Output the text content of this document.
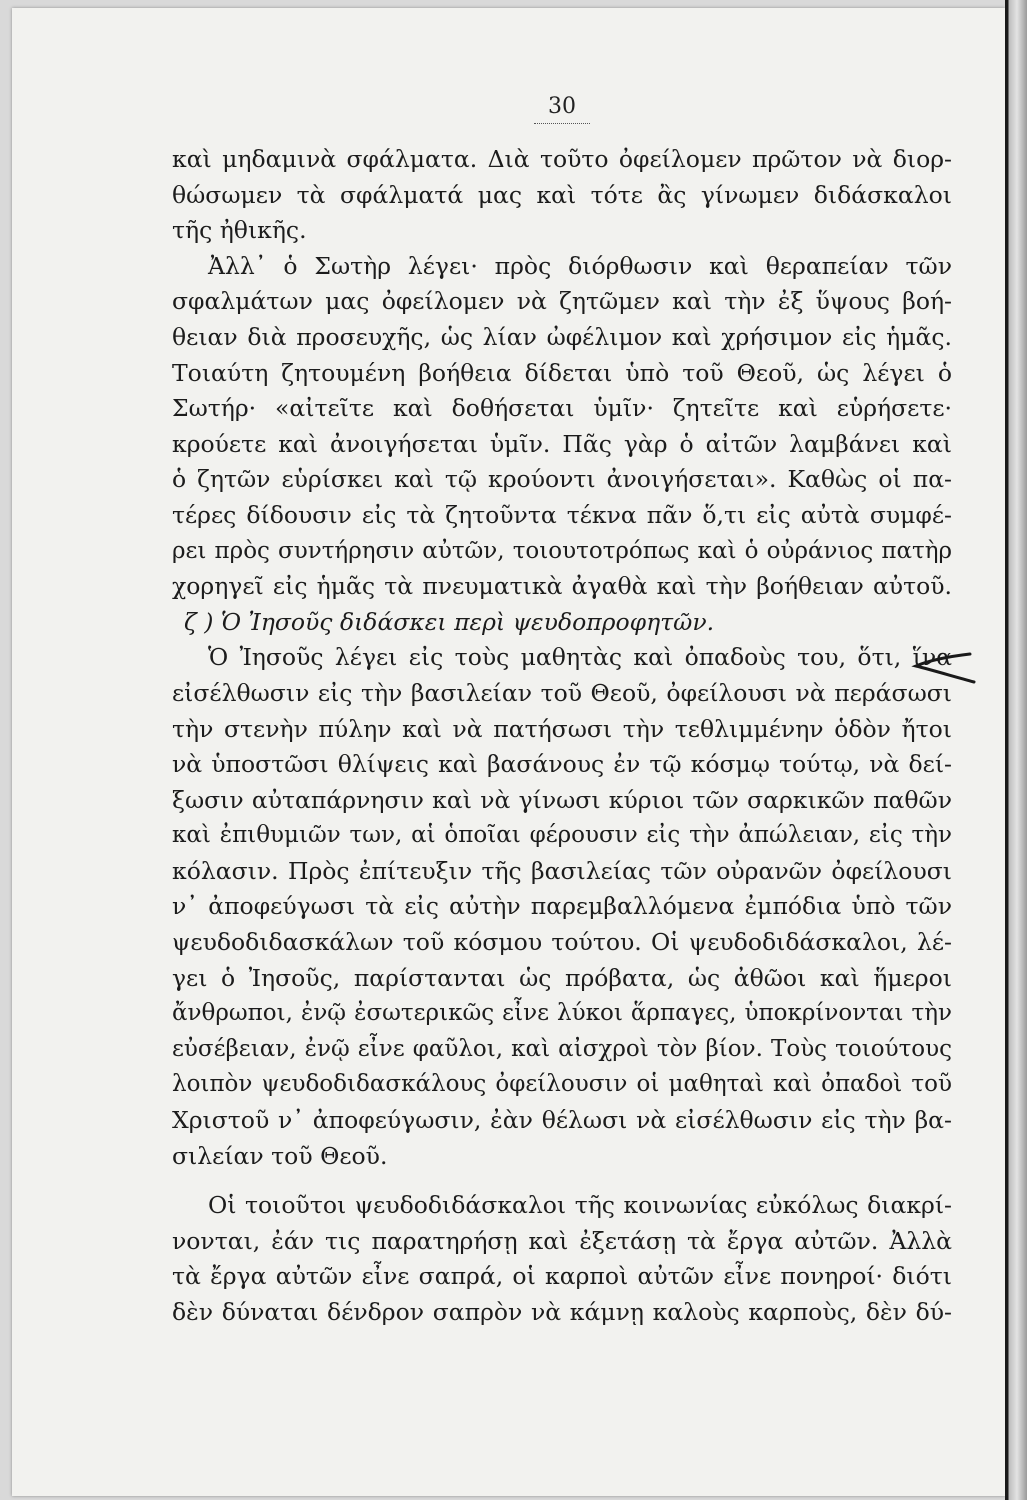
30
καὶ μηδαμινὰ σφάλματα. Διὰ τοῦτο ὀφείλομεν πρῶτον νὰ διορ-
θώσωμεν τὰ σφάλματά μας καὶ τότε ἂς γίνωμεν διδάσκαλοι
τῆς ἠθικῆς.
Ἀλλ᾽ ὁ Σωτὴρ λέγει· πρὸς διόρθωσιν καὶ θεραπείαν τῶν
σφαλμάτων μας ὀφείλομεν νὰ ζητῶμεν καὶ τὴν ἐξ ὕψους βοή-
θειαν διὰ προσευχῆς, ὡς λίαν ὠφέλιμον καὶ χρήσιμον εἰς ἡμᾶς.
Τοιαύτη ζητουμένη βοήθεια δίδεται ὑπὸ τοῦ Θεοῦ, ὡς λέγει ὁ
Σωτήρ· «αἰτεῖτε καὶ δοθήσεται ὑμῖν· ζητεῖτε καὶ εὑρήσετε·
κρούετε καὶ ἀνοιγήσεται ὑμῖν. Πᾶς γὰρ ὁ αἰτῶν λαμβάνει καὶ
ὁ ζητῶν εὑρίσκει καὶ τῷ κρούοντι ἀνοιγήσεται». Καθὼς οἱ πα-
τέρες δίδουσιν εἰς τὰ ζητοῦντα τέκνα πᾶν ὅ,τι εἰς αὐτὰ συμφέ-
ρει πρὸς συντήρησιν αὐτῶν, τοιουτοτρόπως καὶ ὁ οὐράνιος πατὴρ
χορηγεῖ εἰς ἡμᾶς τὰ πνευματικὰ ἀγαθὰ καὶ τὴν βοήθειαν αὐτοῦ.
ζ ) Ὁ Ἰησοῦς διδάσκει περὶ ψευδοπροφητῶν.
Ὁ Ἰησοῦς λέγει εἰς τοὺς μαθητὰς καὶ ὀπαδοὺς του, ὅτι, ἵνα
εἰσέλθωσιν εἰς τὴν βασιλείαν τοῦ Θεοῦ, ὀφείλουσι νὰ περάσωσι
τὴν στενὴν πύλην καὶ νὰ πατήσωσι τὴν τεθλιμμένην ὁδὸν ἤτοι
νὰ ὑποστῶσι θλίψεις καὶ βασάνους ἐν τῷ κόσμῳ τούτῳ, νὰ δεί-
ξωσιν αὐταπάρνησιν καὶ νὰ γίνωσι κύριοι τῶν σαρκικῶν παθῶν
καὶ ἐπιθυμιῶν των, αἱ ὁποῖαι φέρουσιν εἰς τὴν ἀπώλειαν, εἰς τὴν
κόλασιν. Πρὸς ἐπίτευξιν τῆς βασιλείας τῶν οὐρανῶν ὀφείλουσι
ν᾽ ἀποφεύγωσι τὰ εἰς αὐτὴν παρεμβαλλόμενα ἐμπόδια ὑπὸ τῶν
ψευδοδιδασκάλων τοῦ κόσμου τούτου. Οἱ ψευδοδιδάσκαλοι, λέ-
γει ὁ Ἰησοῦς, παρίστανται ὡς πρόβατα, ὡς ἀθῶοι καὶ ἥμεροι
ἄνθρωποι, ἐνῷ ἐσωτερικῶς εἶνε λύκοι ἅρπαγες, ὑποκρίνονται τὴν
εὐσέβειαν, ἐνῷ εἶνε φαῦλοι, καὶ αἰσχροὶ τὸν βίον. Τοὺς τοιούτους
λοιπὸν ψευδοδιδασκάλους ὀφείλουσιν οἱ μαθηταὶ καὶ ὀπαδοὶ τοῦ
Χριστοῦ ν᾽ ἀποφεύγωσιν, ἐὰν θέλωσι νὰ εἰσέλθωσιν εἰς τὴν βα-
σιλείαν τοῦ Θεοῦ.
Οἱ τοιοῦτοι ψευδοδιδάσκαλοι τῆς κοινωνίας εὐκόλως διακρί-
νονται, ἐάν τις παρατηρήσῃ καὶ ἐξετάσῃ τὰ ἔργα αὐτῶν. Ἀλλὰ
τὰ ἔργα αὐτῶν εἶνε σαπρά, οἱ καρποὶ αὐτῶν εἶνε πονηροί· διότι
δὲν δύναται δένδρον σαπρὸν νὰ κάμνῃ καλοὺς καρποὺς, δὲν δύ-
